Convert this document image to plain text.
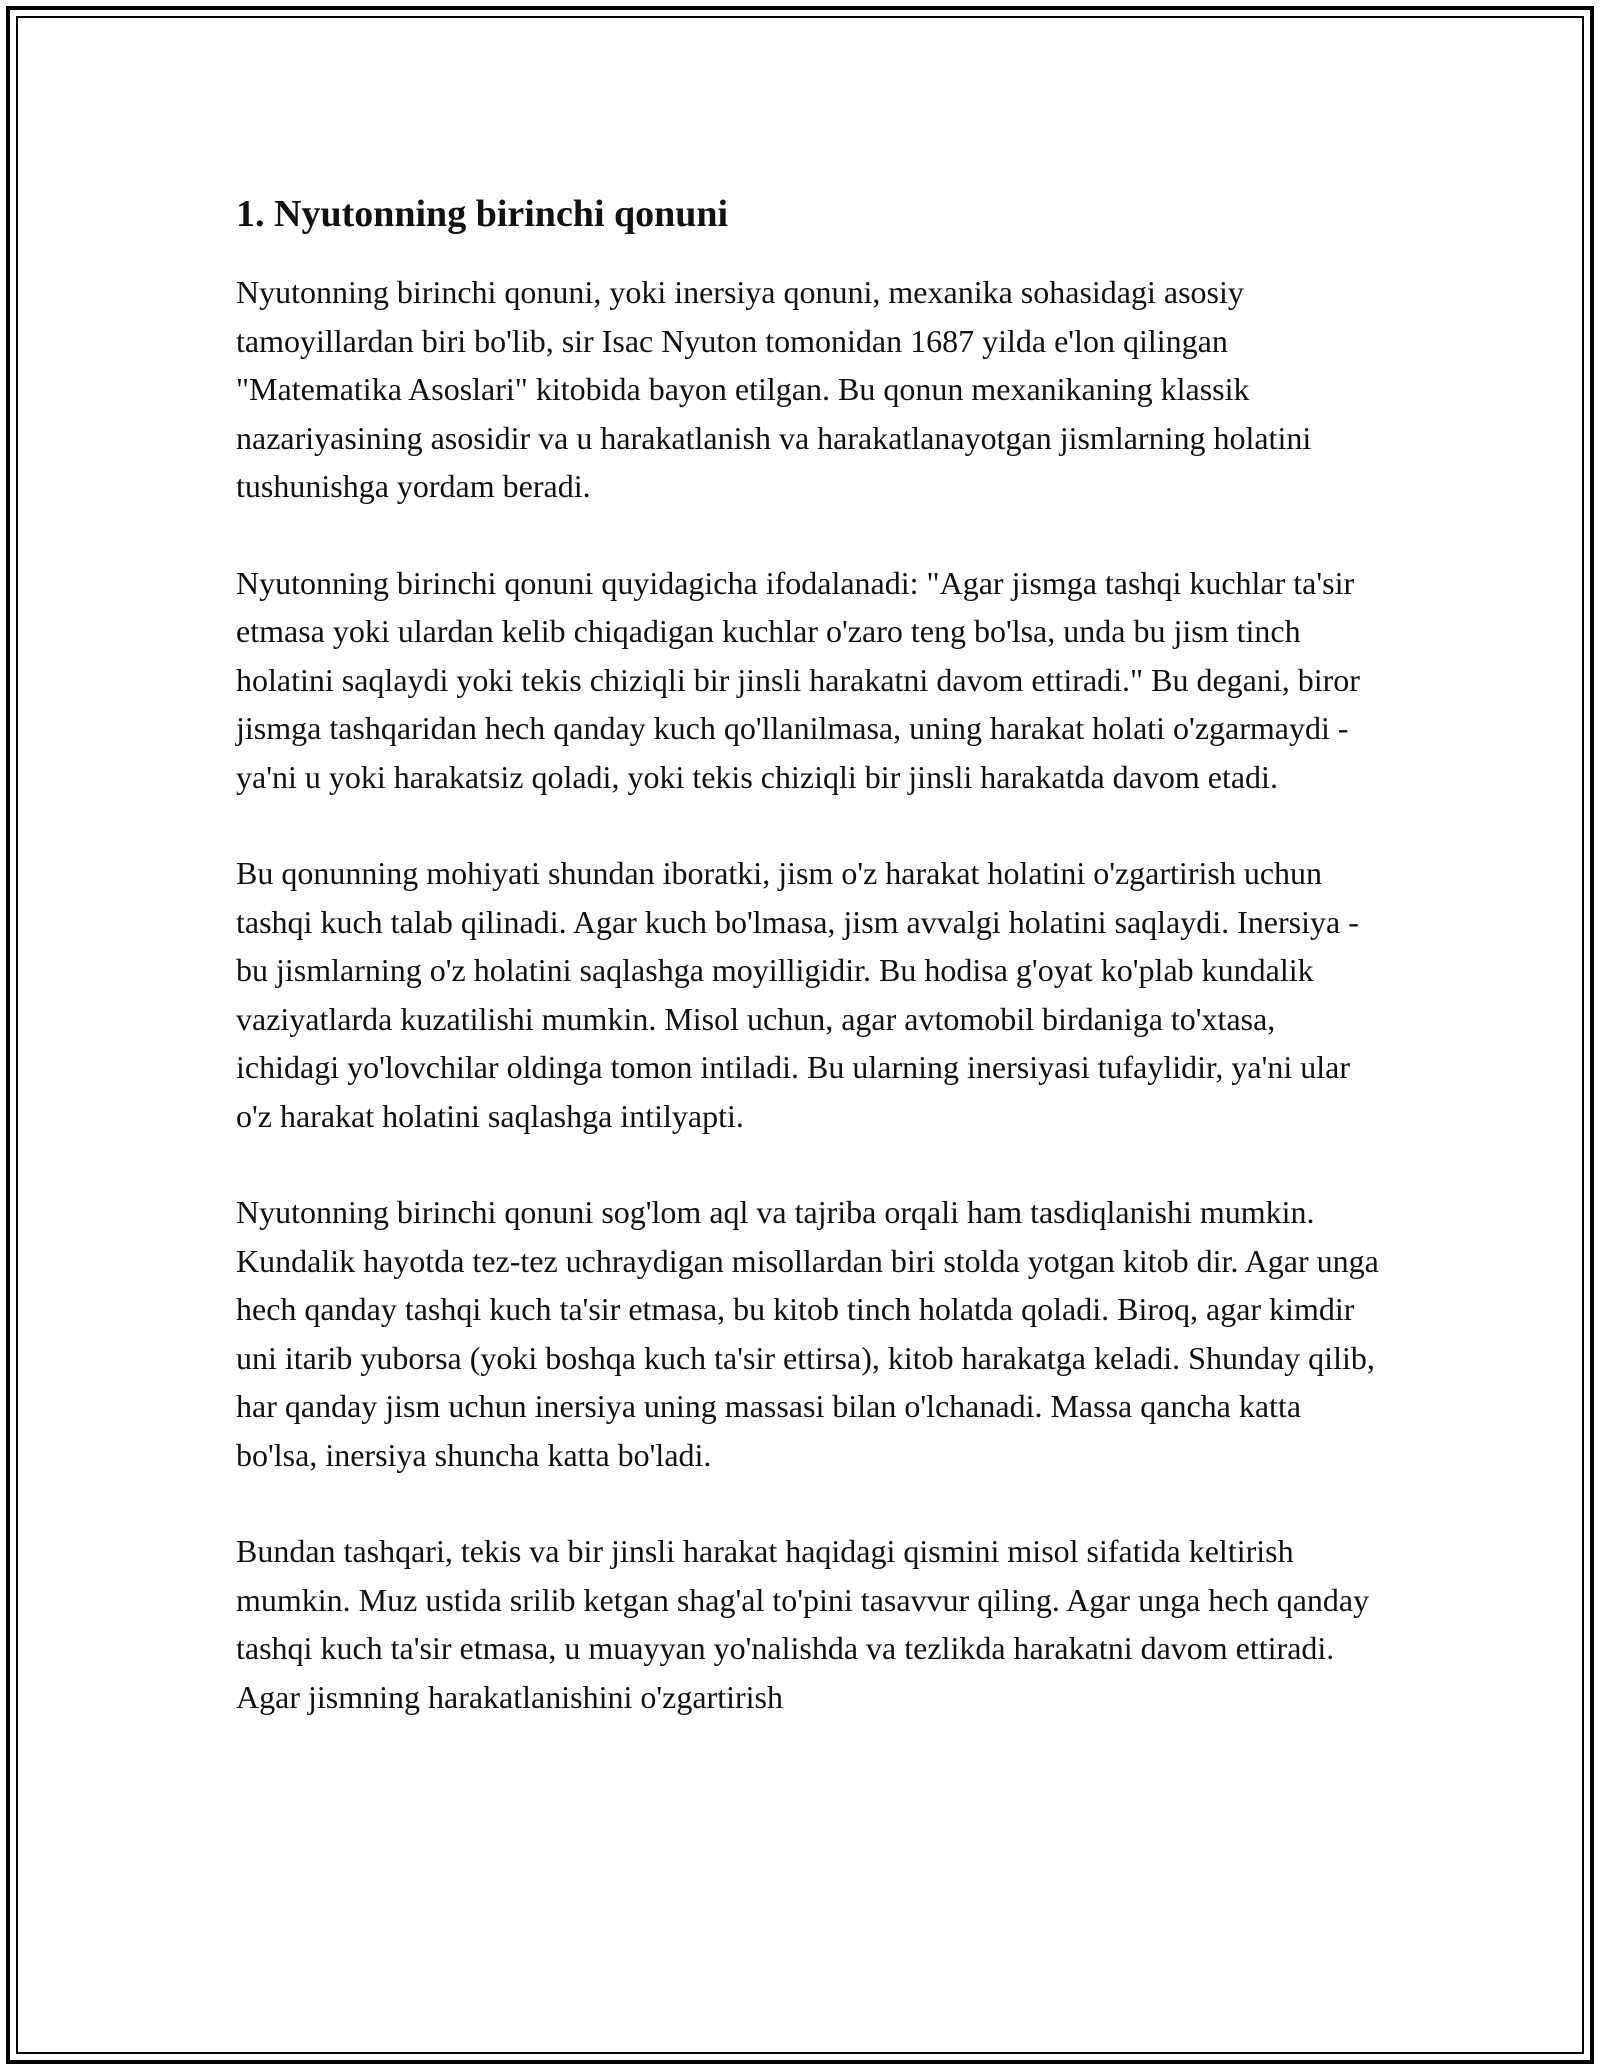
1. Nyutonning birinchi qonuni

Nyutonning birinchi qonuni, yoki inersiya qonuni, mexanika sohasidagi asosiy tamoyillardan biri bo'lib, sir Isac Nyuton tomonidan 1687 yilda e'lon qilingan "Matematika Asoslari" kitobida bayon etilgan. Bu qonun mexanikaning klassik nazariyasining asosidir va u harakatlanish va harakatlanayotgan jismlarning holatini tushunishga yordam beradi.

Nyutonning birinchi qonuni quyidagicha ifodalanadi: "Agar jismga tashqi kuchlar ta'sir etmasa yoki ulardan kelib chiqadigan kuchlar o'zaro teng bo'lsa, unda bu jism tinch holatini saqlaydi yoki tekis chiziqli bir jinsli harakatni davom ettiradi." Bu degani, biror jismga tashqaridan hech qanday kuch qo'llanilmasa, uning harakat holati o'zgarmaydi - ya'ni u yoki harakatsiz qoladi, yoki tekis chiziqli bir jinsli harakatda davom etadi.

Bu qonunning mohiyati shundan iboratki, jism o'z harakat holatini o'zgartirish uchun tashqi kuch talab qilinadi. Agar kuch bo'lmasa, jism avvalgi holatini saqlaydi. Inersiya - bu jismlarning o'z holatini saqlashga moyilligidir. Bu hodisa g'oyat ko'plab kundalik vaziyatlarda kuzatilishi mumkin. Misol uchun, agar avtomobil birdaniga to'xtasa, ichidagi yo'lovchilar oldinga tomon intiladi. Bu ularning inersiyasi tufaylidir, ya'ni ular o'z harakat holatini saqlashga intilyapti.

Nyutonning birinchi qonuni sog'lom aql va tajriba orqali ham tasdiqlanishi mumkin. Kundalik hayotda tez-tez uchraydigan misollardan biri stolda yotgan kitob dir. Agar unga hech qanday tashqi kuch ta'sir etmasa, bu kitob tinch holatda qoladi. Biroq, agar kimdir uni itarib yuborsa (yoki boshqa kuch ta'sir ettirsa), kitob harakatga keladi. Shunday qilib, har qanday jism uchun inersiya uning massasi bilan o'lchanadi. Massa qancha katta bo'lsa, inersiya shuncha katta bo'ladi.

Bundan tashqari, tekis va bir jinsli harakat haqidagi qismini misol sifatida keltirish mumkin. Muz ustida srilib ketgan shag'al to'pini tasavvur qiling. Agar unga hech qanday tashqi kuch ta'sir etmasa, u muayyan yo'nalishda va tezlikda harakatni davom ettiradi. Agar jismning harakatlanishini o'zgartirish
